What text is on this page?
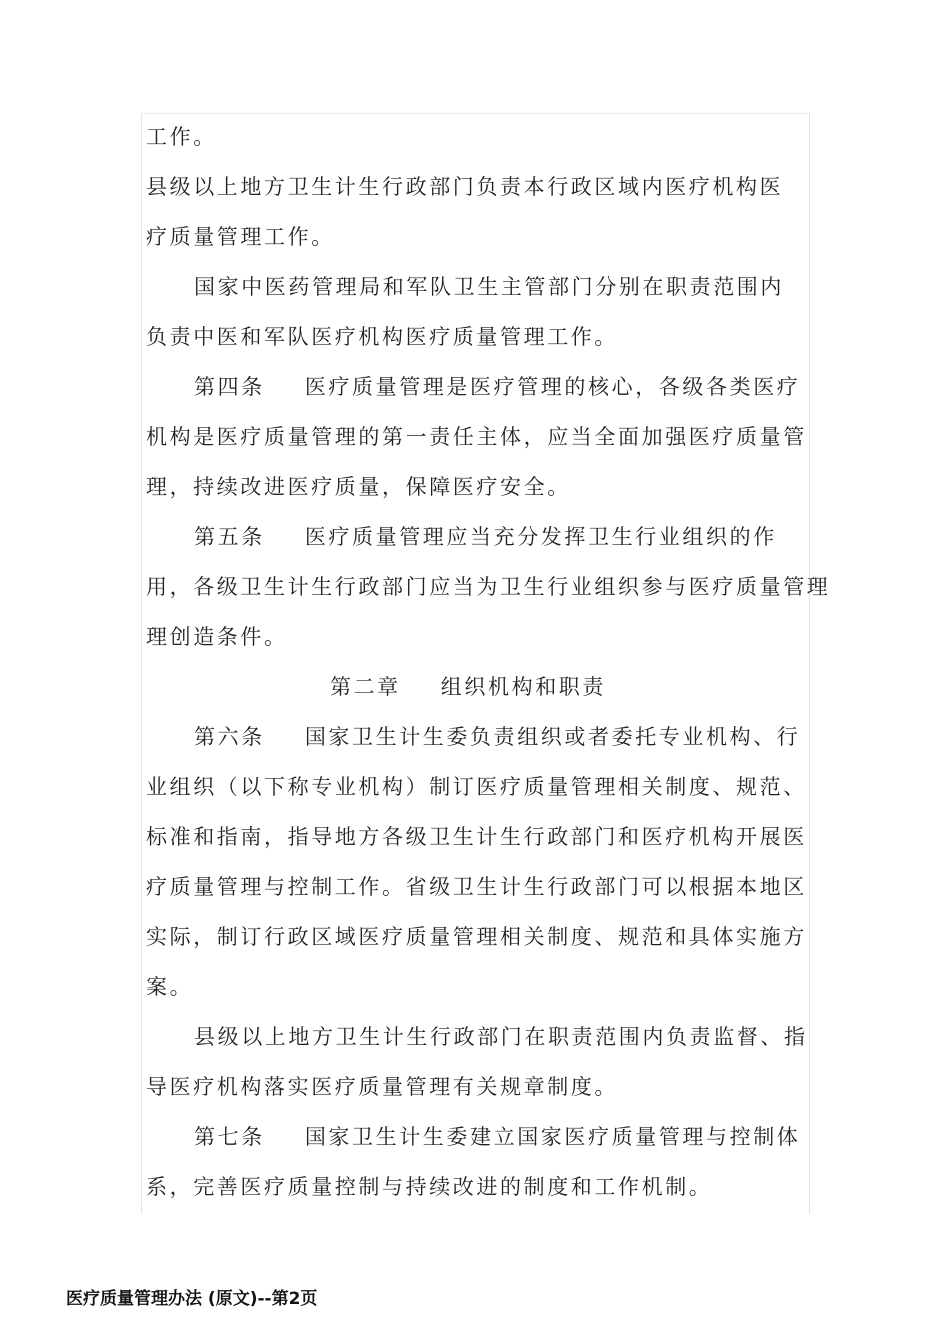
工作。
县级以上地方卫生计生行政部门负责本行政区域内医疗机构医
疗质量管理工作。
国家中医药管理局和军队卫生主管部门分别在职责范围内
负责中医和军队医疗机构医疗质量管理工作。
第四条 医疗质量管理是医疗管理的核心，各级各类医疗
机构是医疗质量管理的第一责任主体，应当全面加强医疗质量管
理，持续改进医疗质量，保障医疗安全。
第五条 医疗质量管理应当充分发挥卫生行业组织的作
用，各级卫生计生行政部门应当为卫生行业组织参与医疗质量管理
理创造条件。
第二章 组织机构和职责
第六条 国家卫生计生委负责组织或者委托专业机构、行
业组织（以下称专业机构）制订医疗质量管理相关制度、规范、
标准和指南，指导地方各级卫生计生行政部门和医疗机构开展医
疗质量管理与控制工作。省级卫生计生行政部门可以根据本地区
实际，制订行政区域医疗质量管理相关制度、规范和具体实施方
案。
县级以上地方卫生计生行政部门在职责范围内负责监督、指
导医疗机构落实医疗质量管理有关规章制度。
第七条 国家卫生计生委建立国家医疗质量管理与控制体
系，完善医疗质量控制与持续改进的制度和工作机制。
医疗质量管理办法 (原文)--第2页
